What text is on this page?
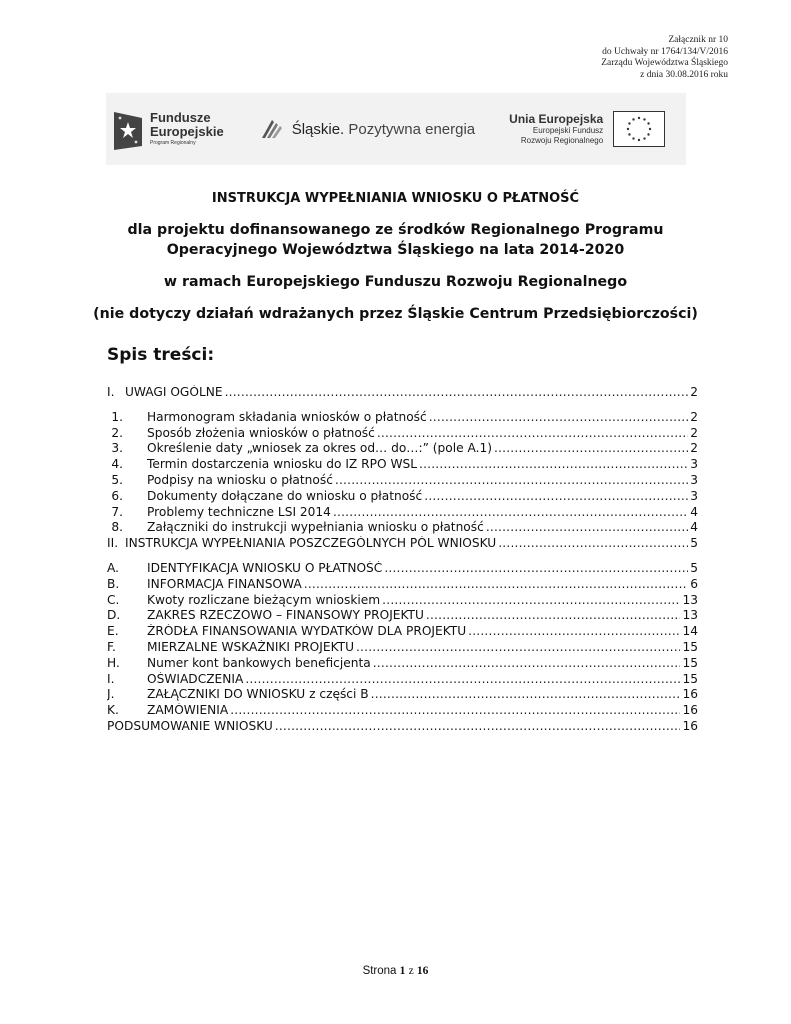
Załącznik nr 10
do Uchwały nr 1764/134/V/2016
Zarządu Województwa Śląskiego
z dnia 30.08.2016 roku
Fundusze
Europejskie
Program Regionalny
Śląskie. Pozytywna energia
Unia Europejska
Europejski Fundusz
Rozwoju Regionalnego

INSTRUKCJA WYPEŁNIANIA WNIOSKU O PŁATNOŚĆ

dla projektu dofinansowanego ze środków Regionalnego Programu
Operacyjnego Województwa Śląskiego na lata 2014-2020

w ramach Europejskiego Funduszu Rozwoju Regionalnego

(nie dotyczy działań wdrażanych przez Śląskie Centrum Przedsiębiorczości)

Spis treści:
I. UWAGI OGÓLNE .....	2
1. Harmonogram składania wniosków o płatność .....	2
2. Sposób złożenia wniosków o płatność .....	2
3. Określenie daty „wniosek za okres od… do…:” (pole A.1) .....	2
4. Termin dostarczenia wniosku do IZ RPO WSL .....	3
5. Podpisy na wniosku o płatność .....	3
6. Dokumenty dołączane do wniosku o płatność .....	3
7. Problemy techniczne LSI 2014 .....	4
8. Załączniki do instrukcji wypełniania wniosku o płatność .....	4
II. INSTRUKCJA WYPEŁNIANIA POSZCZEGÓLNYCH PÓL WNIOSKU .....	5
A.	IDENTYFIKACJA WNIOSKU O PŁATNOŚĆ .....	5
B.	INFORMACJA FINANSOWA .....	6
C.	Kwoty rozliczane bieżącym wnioskiem .....	13
D.	ZAKRES RZECZOWO – FINANSOWY PROJEKTU .....	13
E.	ŹRÓDŁA FINANSOWANIA WYDATKÓW DLA PROJEKTU .....	14
F.	MIERZALNE WSKAŹNIKI PROJEKTU .....	15
H.	Numer kont bankowych beneficjenta .....	15
I.	OŚWIADCZENIA .....	15
J.	ZAŁĄCZNIKI DO WNIOSKU z części B .....	16
K.	ZAMÓWIENIA .....	16
PODSUMOWANIE WNIOSKU .....	16
Strona 1 z 16
